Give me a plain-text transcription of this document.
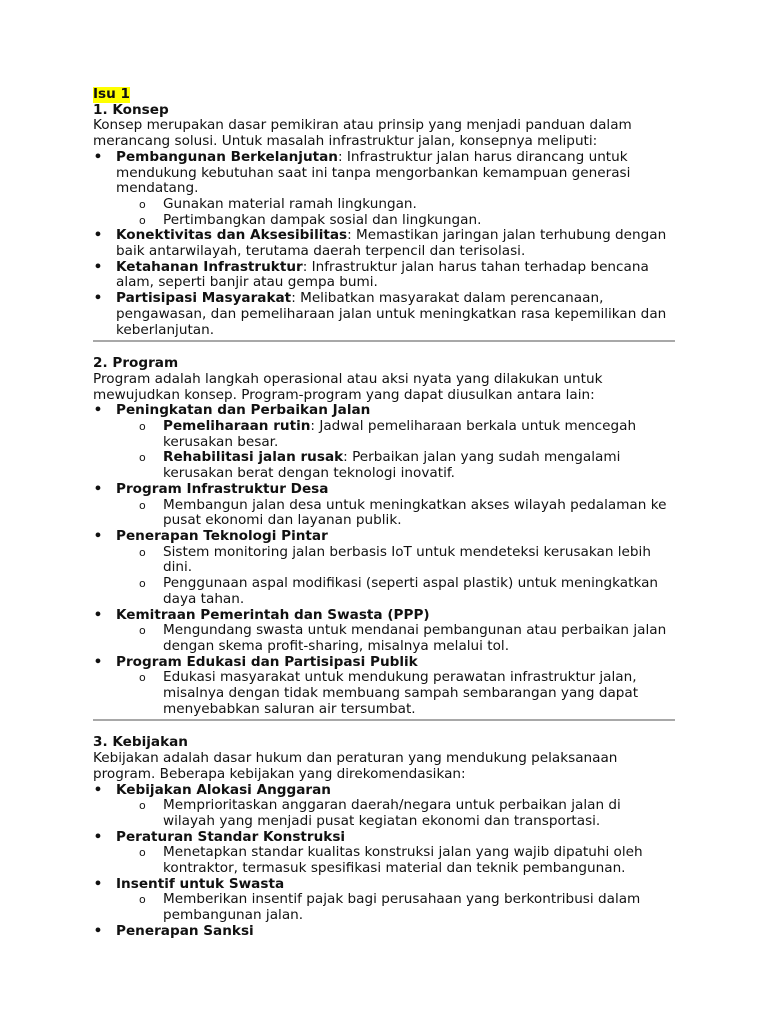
Isu 1
1. Konsep

Konsep merupakan dasar pemikiran atau prinsip yang menjadi panduan dalam merancang solusi. Untuk masalah infrastruktur jalan, konsepnya meliputi:

• Pembangunan Berkelanjutan: Infrastruktur jalan harus dirancang untuk mendukung kebutuhan saat ini tanpa mengorbankan kemampuan generasi mendatang.
o Gunakan material ramah lingkungan.
o Pertimbangkan dampak sosial dan lingkungan.
• Konektivitas dan Aksesibilitas: Memastikan jaringan jalan terhubung dengan baik antarwilayah, terutama daerah terpencil dan terisolasi.
• Ketahanan Infrastruktur: Infrastruktur jalan harus tahan terhadap bencana alam, seperti banjir atau gempa bumi.
• Partisipasi Masyarakat: Melibatkan masyarakat dalam perencanaan, pengawasan, dan pemeliharaan jalan untuk meningkatkan rasa kepemilikan dan keberlanjutan.
2. Program

Program adalah langkah operasional atau aksi nyata yang dilakukan untuk mewujudkan konsep. Program-program yang dapat diusulkan antara lain:

• Peningkatan dan Perbaikan Jalan
o Pemeliharaan rutin: Jadwal pemeliharaan berkala untuk mencegah kerusakan besar.
o Rehabilitasi jalan rusak: Perbaikan jalan yang sudah mengalami kerusakan berat dengan teknologi inovatif.
• Program Infrastruktur Desa
o Membangun jalan desa untuk meningkatkan akses wilayah pedalaman ke pusat ekonomi dan layanan publik.
• Penerapan Teknologi Pintar
o Sistem monitoring jalan berbasis IoT untuk mendeteksi kerusakan lebih dini.
o Penggunaan aspal modifikasi (seperti aspal plastik) untuk meningkatkan daya tahan.
• Kemitraan Pemerintah dan Swasta (PPP)
o Mengundang swasta untuk mendanai pembangunan atau perbaikan jalan dengan skema profit-sharing, misalnya melalui tol.
• Program Edukasi dan Partisipasi Publik
o Edukasi masyarakat untuk mendukung perawatan infrastruktur jalan, misalnya dengan tidak membuang sampah sembarangan yang dapat menyebabkan saluran air tersumbat.
3. Kebijakan

Kebijakan adalah dasar hukum dan peraturan yang mendukung pelaksanaan program. Beberapa kebijakan yang direkomendasikan:

• Kebijakan Alokasi Anggaran
o Memprioritaskan anggaran daerah/negara untuk perbaikan jalan di wilayah yang menjadi pusat kegiatan ekonomi dan transportasi.
• Peraturan Standar Konstruksi
o Menetapkan standar kualitas konstruksi jalan yang wajib dipatuhi oleh kontraktor, termasuk spesifikasi material dan teknik pembangunan.
• Insentif untuk Swasta
o Memberikan insentif pajak bagi perusahaan yang berkontribusi dalam pembangunan jalan.
• Penerapan Sanksi
